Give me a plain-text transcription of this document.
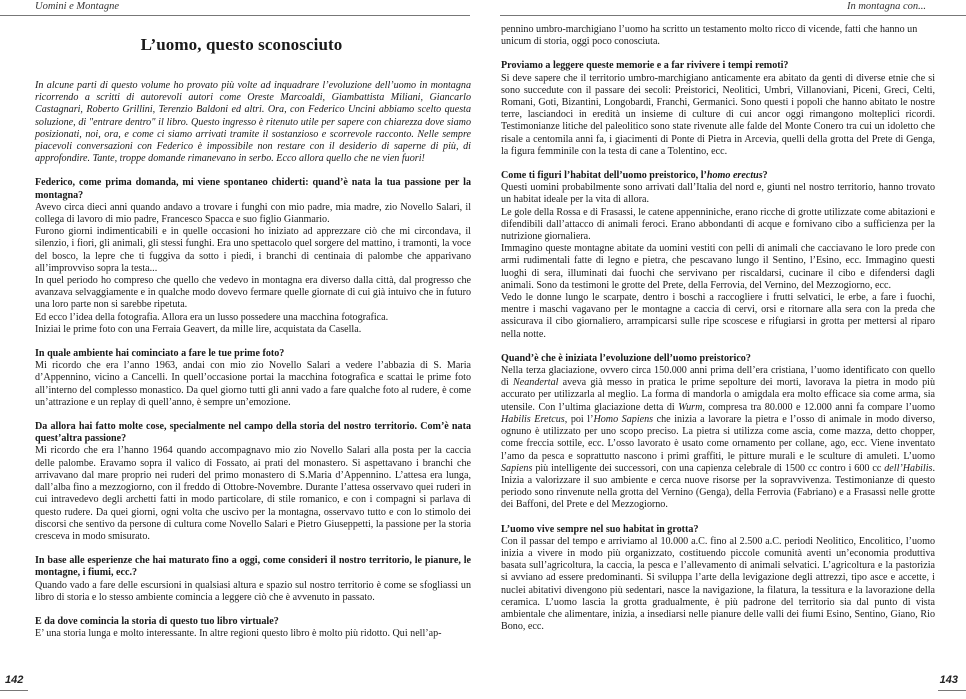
Uomini e Montagne
L’uomo, questo sconosciuto

In alcune parti di questo volume ho provato più volte ad inquadrare l’evoluzione dell’uomo in montagna ricorrendo a scritti di autorevoli autori come Oreste Marcoaldi, Giambattista Miliani, Giancarlo Castagnari, Roberto Grillini, Terenzio Baldoni ed altri. Ora, con Federico Uncini abbiamo scelto questa soluzione, di "entrare dentro" il libro. Questo ingresso è ritenuto utile per sapere con chiarezza dove siamo posizionati, noi, ora, e come ci siamo arrivati tramite il sostanzioso e scorrevole racconto. Nelle sempre piacevoli conversazioni con Federico è impossibile non restare con il desiderio di saperne di più, di approfondire. Tante, troppe domande rimanevano in serbo. Ecco allora quello che ne vien fuori!

Federico, come prima domanda, mi viene spontaneo chiderti: quand’è nata la tua passione per la montagna?

Avevo circa dieci anni quando andavo a trovare i funghi con mio padre, mia madre, zio Novello Salari, il collega di lavoro di mio padre, Francesco Spacca e suo figlio Gianmario.

Furono giorni indimenticabili e in quelle occasioni ho iniziato ad apprezzare ciò che mi circondava, il silenzio, i fiori, gli animali, gli stessi funghi. Era uno spettacolo quel sorgere del mattino, i tramonti, la voce del bosco, la lepre che ti fuggiva da sotto i piedi, i branchi di centinaia di palombe che apparivano all’improvviso sopra la testa...

In quel periodo ho compreso che quello che vedevo in montagna era diverso dalla città, dal progresso che avanzava selvaggiamente e in qualche modo dovevo fermare quelle giornate di cui già intuivo che in futuro una loro parte non si sarebbe ripetuta.

Ed ecco l’idea della fotografia. Allora era un lusso possedere una macchina fotografica.

Iniziai le prime foto con una Ferraia Geavert, da mille lire, acquistata da Casella.

In quale ambiente hai cominciato a fare le tue prime foto?

Mi ricordo che era l’anno 1963, andai con mio zio Novello Salari a vedere l’abbazia di S. Maria d’Appennino, vicino a Cancelli. In quell’occasione portai la macchina fotografica e scattai le prime foto all’interno del complesso monastico. Da quel giorno tutti gli anni vado a fare qualche foto al rudere, è come un’attrazione e un replay di quell’anno, è sempre un’emozione.

Da allora hai fatto molte cose, specialmente nel campo della storia del nostro territorio. Com’è nata quest’altra passione?

Mi ricordo che era l’hanno 1964 quando accompagnavo mio zio Novello Salari alla posta per la caccia delle palombe. Eravamo sopra il valico di Fossato, ai prati del monastero. Si aspettavano i branchi che arrivavano dal mare proprio nei ruderi del primo monastero di S.Maria d’Appennino. L’attesa era lunga, dall’alba fino a mezzogiorno, con il freddo di Ottobre-Novembre. Durante l’attesa osservavo quei ruderi in cui intravedevo degli archetti fatti in modo particolare, di stile romanico, e con i compagni si parlava di questo rudere. Da quei giorni, ogni volta che uscivo per la montagna, osservavo tutto e con lo stimolo dei discorsi che sentivo da persone di cultura come Novello Salari e Pietro Giuseppetti, la passione per la storia cresceva in modo smisurato.

In base alle esperienze che hai maturato fino a oggi, come consideri il nostro territorio, le pianure, le montagne, i fiumi, ecc.?

Quando vado a fare delle escursioni in qualsiasi altura e spazio sul nostro territorio è come se sfogliassi un libro di storia e lo stesso ambiente comincia a leggere ciò che è avvenuto in passato.

E da dove comincia la storia di questo tuo libro virtuale?

E’ una storia lunga e molto interessante. In altre regioni questo libro è molto più ridotto. Qui nell’ap-

142
In montagna con...

pennino umbro-marchigiano l’uomo ha scritto un testamento molto ricco di vicende, fatti che hanno un unicum di storia, oggi poco conosciuta.

Proviamo a leggere queste memorie e a far rivivere i tempi remoti?

Si deve sapere che il territorio umbro-marchigiano anticamente era abitato da genti di diverse etnie che si sono succedute con il passare dei secoli: Preistorici, Neolitici, Umbri, Villanoviani, Piceni, Greci, Celti, Romani, Goti, Bizantini, Longobardi, Franchi, Germanici. Sono questi i popoli che hanno abitato le nostre terre, lasciandoci in eredità un insieme di culture di cui ancor oggi rimangono molteplici ricordi. Testimonianze litiche del paleolitico sono state rivenute alle falde del Monte Conero tra cui un idoletto che risale a centomila anni fa, i giacimenti di Ponte di Pietra in Arcevia, quelli della grotta del Prete di Genga, la figura femminile con la testa di cane a Tolentino, ecc.

Come ti figuri l’habitat dell’uomo preistorico, l’homo erectus?

Questi uomini probabilmente sono arrivati dall’Italia del nord e, giunti nel nostro territorio, hanno trovato un habitat ideale per la vita di allora.

Le gole della Rossa e di Frasassi, le catene appenniniche, erano ricche di grotte utilizzate come abitazioni e difendibili dall’attacco di animali feroci. Erano abbondanti di acque e fornivano cibo a sufficienza per la nutrizione giornaliera.

Immagino queste montagne abitate da uomini vestiti con pelli di animali che cacciavano le loro prede con armi rudimentali fatte di legno e pietra, che pescavano lungo il Sentino, l’Esino, ecc. Immagino questi luoghi di sera, illuminati dai fuochi che servivano per riscaldarsi, cucinare il cibo e difendersi dagli animali. Sono da testimoni le grotte del Prete, della Ferrovia, del Vernino, del Mezzogiorno, ecc.

Vedo le donne lungo le scarpate, dentro i boschi a raccogliere i frutti selvatici, le erbe, a fare i fuochi, mentre i maschi vagavano per le montagne a caccia di cervi, orsi e ritornare alla sera con la preda che assicurava il cibo giornaliero, arrampicarsi sulle ripe scoscese e rifugiarsi in grotta per mettersi al riparo nella notte.

Quand’è che è iniziata l’evoluzione dell’uomo preistorico?

Nella terza glaciazione, ovvero circa 150.000 anni prima dell’era cristiana, l’uomo identificato con quello di Neandertal aveva già messo in pratica le prime sepolture dei morti, lavorava la pietra in modo più accurato per utilizzarla al meglio. La forma di mandorla o amigdala era molto efficace sia come arma, sia utensile. Con l’ultima glaciazione detta di Wurm, compresa tra 80.000 e 12.000 anni fa compare l’uomo Habilis Eretcus, poi l’Homo Sapiens che inizia a lavorare la pietra e l’osso di animale in modo diverso, ognuno è utilizzato per uno scopo preciso. La pietra si utilizza come ascia, come mazza, detto chopper, come freccia sottile, ecc. L’osso lavorato è usato come ornamento per collane, ago, ecc. Viene inventato l’amo da pesca e soprattutto nascono i primi graffiti, le pitture murali e le sculture di amuleti. L’uomo Sapiens più intelligente dei successori, con una capienza celebrale di 1500 cc contro i 600 cc dell’Habilis. Inizia a valorizzare il suo ambiente e cerca nuove risorse per la sopravvivenza. Testimonianze di questo periodo sono rinvenute nella grotta del Vernino (Genga), della Ferrovia (Fabriano) e a Frasassi nelle grotte dei Baffoni, del Prete e del Mezzogiorno.

L’uomo vive sempre nel suo habitat in grotta?

Con il passar del tempo e arriviamo al 10.000 a.C. fino al 2.500 a.C. periodi Neolitico, Encolitico, l’uomo inizia a vivere in modo più organizzato, costituendo piccole comunità aventi un’economia produttiva basata sull’agricoltura, la caccia, la pesca e l’allevamento di animali selvatici. L’agricoltura e la pastorizia si avviano ad essere predominanti. Si sviluppa l’arte della levigazione degli attrezzi, tipo asce e accette, i nuclei abitativi divengono più sedentari, nasce la navigazione, la filatura, la tessitura e la lavorazione della ceramica. L’uomo lascia la grotta gradualmente, è più padrone del territorio sia dal punto di vista ambientale che alimentare, inizia, a insediarsi nelle pianure delle valli dei fiumi Esino, Sentino, Giano, Rio Bono, ecc.

143
